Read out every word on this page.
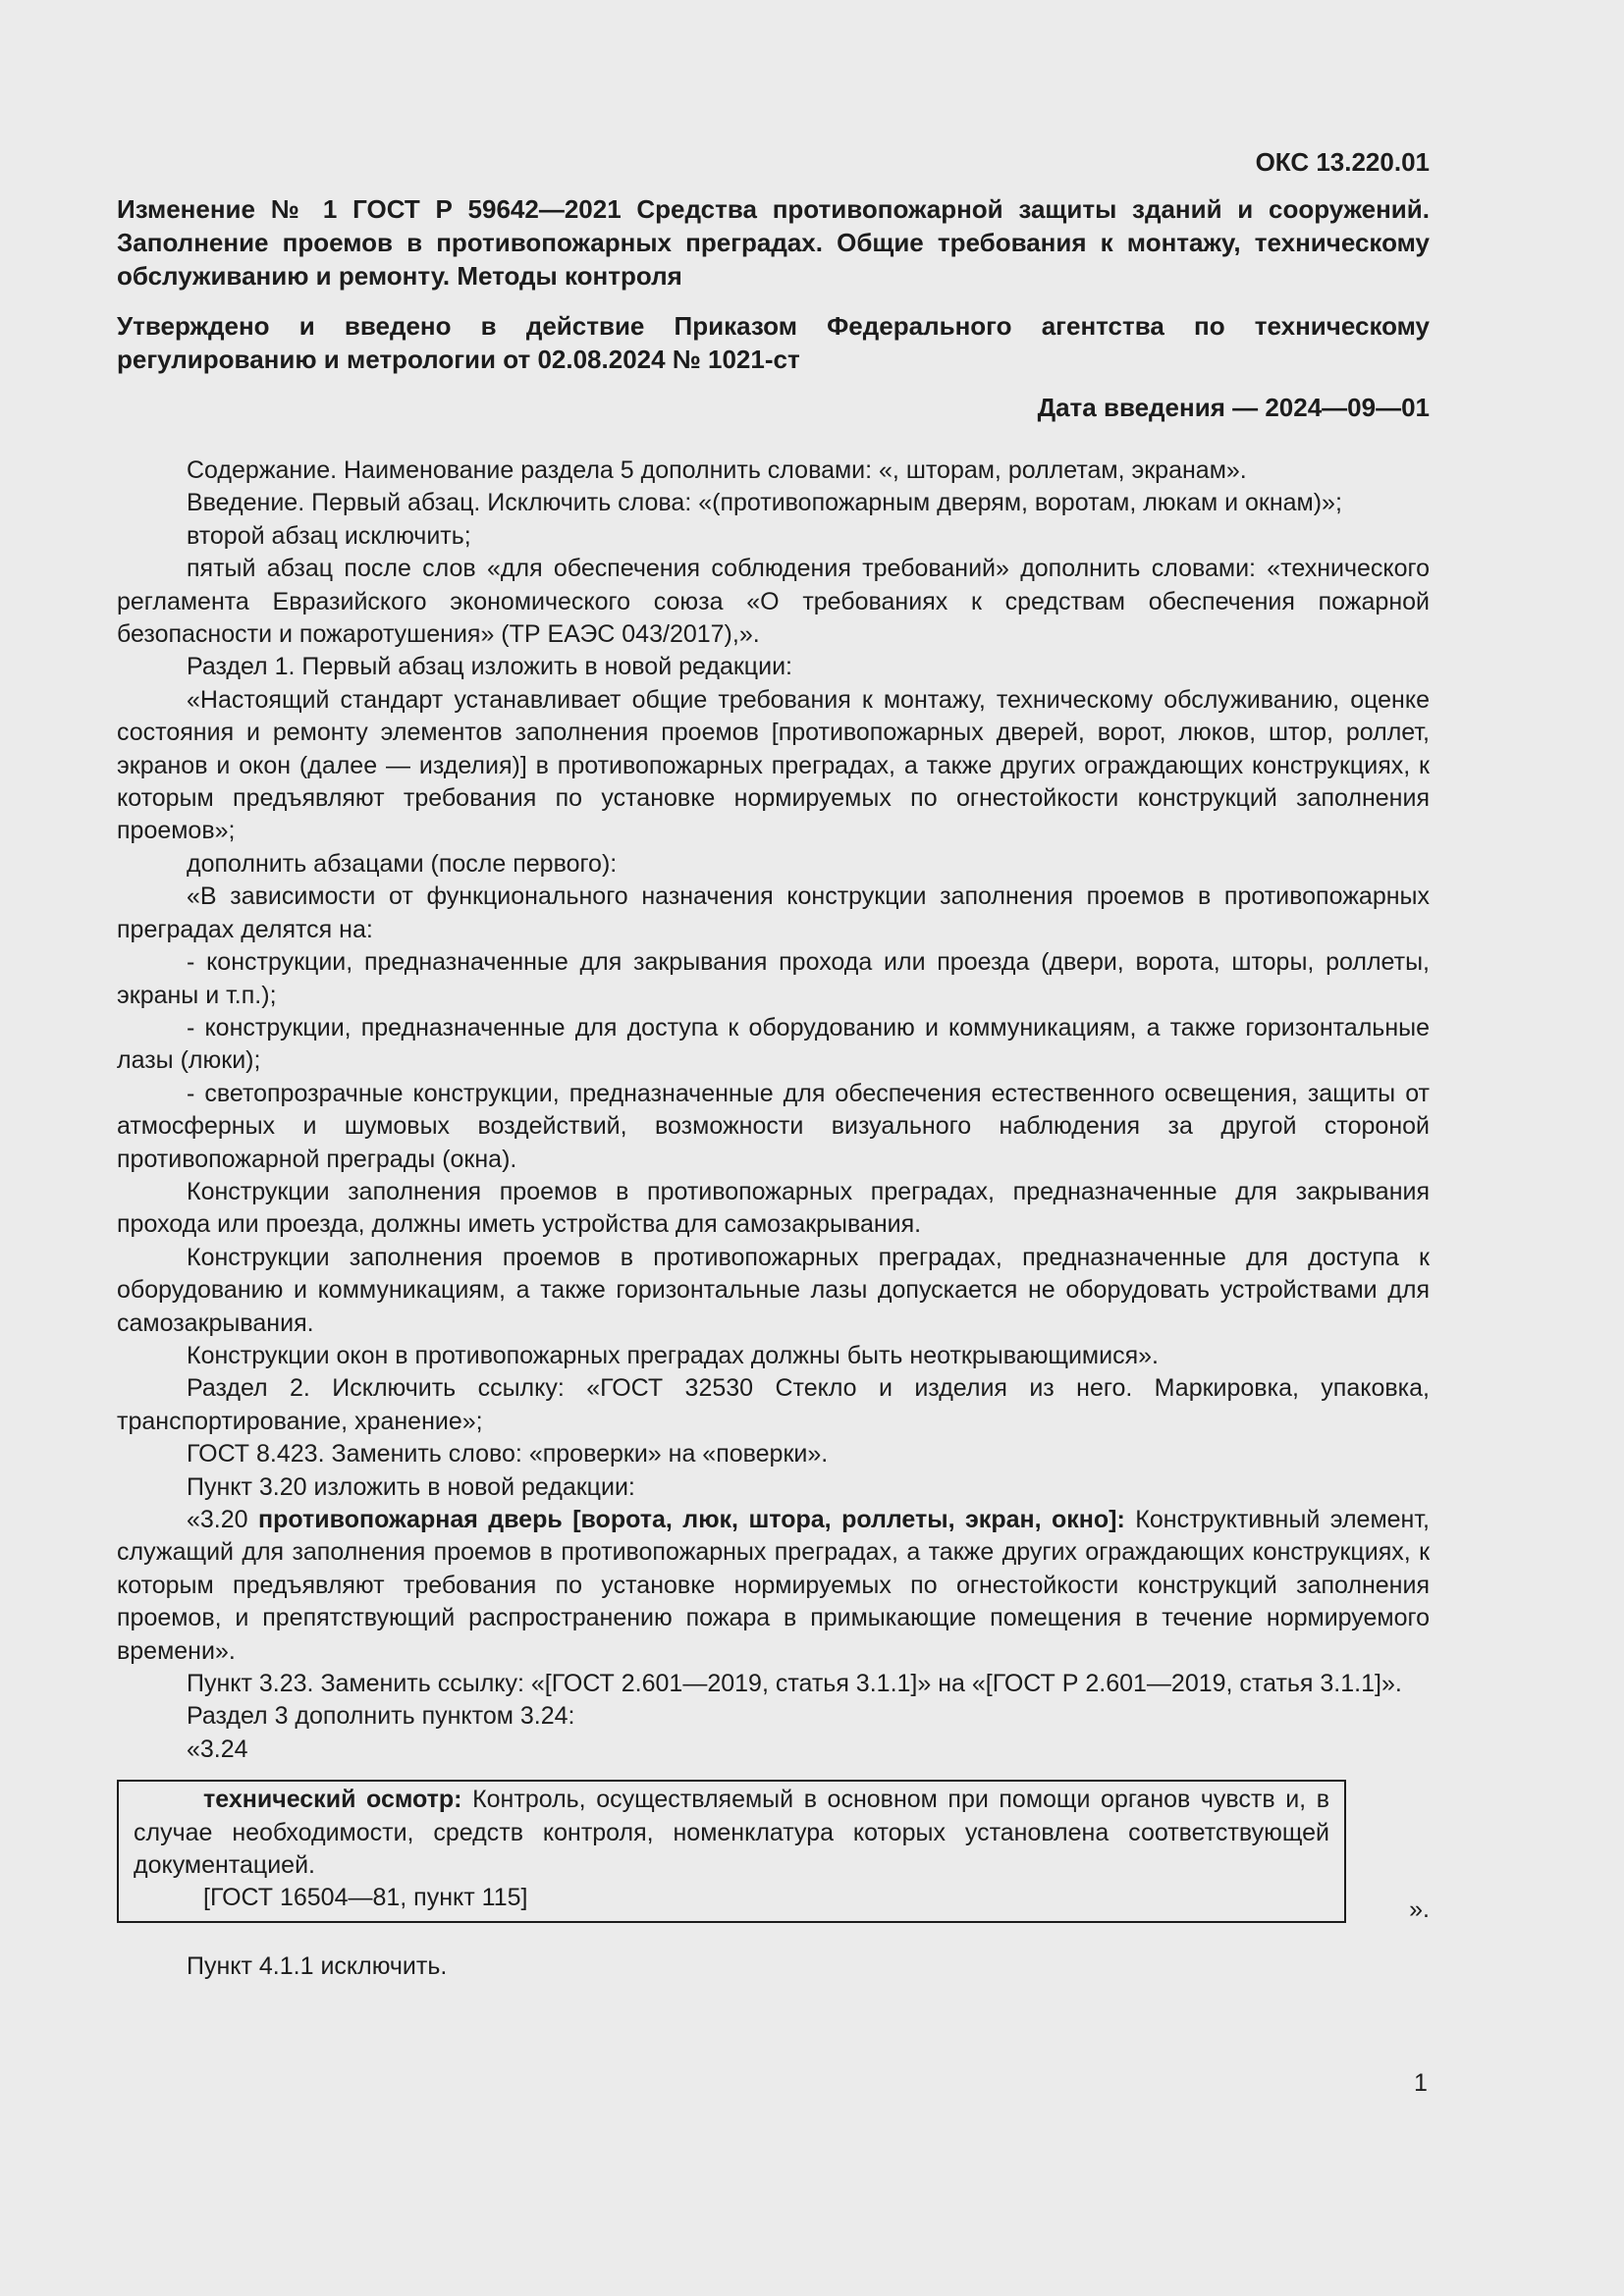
ОКС 13.220.01

Изменение № 1 ГОСТ Р 59642—2021 Средства противопожарной защиты зданий и сооружений. Заполнение проемов в противопожарных преградах. Общие требования к монтажу, техническому обслуживанию и ремонту. Методы контроля

Утверждено и введено в действие Приказом Федерального агентства по техническому регулированию и метрологии от 02.08.2024 № 1021-ст

Дата введения — 2024—09—01

Содержание. Наименование раздела 5 дополнить словами: «, шторам, роллетам, экранам».

Введение. Первый абзац. Исключить слова: «(противопожарным дверям, воротам, люкам и окнам)»;

второй абзац исключить;

пятый абзац после слов «для обеспечения соблюдения требований» дополнить словами: «технического регламента Евразийского экономического союза «О требованиях к средствам обеспечения пожарной безопасности и пожаротушения» (ТР ЕАЭС 043/2017),».

Раздел 1. Первый абзац изложить в новой редакции:

«Настоящий стандарт устанавливает общие требования к монтажу, техническому обслуживанию, оценке состояния и ремонту элементов заполнения проемов [противопожарных дверей, ворот, люков, штор, роллет, экранов и окон (далее — изделия)] в противопожарных преградах, а также других ограждающих конструкциях, к которым предъявляют требования по установке нормируемых по огнестойкости конструкций заполнения проемов»;

дополнить абзацами (после первого):

«В зависимости от функционального назначения конструкции заполнения проемов в противопожарных преградах делятся на:

- конструкции, предназначенные для закрывания прохода или проезда (двери, ворота, шторы, роллеты, экраны и т.п.);

- конструкции, предназначенные для доступа к оборудованию и коммуникациям, а также горизонтальные лазы (люки);

- светопрозрачные конструкции, предназначенные для обеспечения естественного освещения, защиты от атмосферных и шумовых воздействий, возможности визуального наблюдения за другой стороной противопожарной преграды (окна).

Конструкции заполнения проемов в противопожарных преградах, предназначенные для закрывания прохода или проезда, должны иметь устройства для самозакрывания.

Конструкции заполнения проемов в противопожарных преградах, предназначенные для доступа к оборудованию и коммуникациям, а также горизонтальные лазы допускается не оборудовать устройствами для самозакрывания.

Конструкции окон в противопожарных преградах должны быть неоткрывающимися».

Раздел 2. Исключить ссылку: «ГОСТ 32530 Стекло и изделия из него. Маркировка, упаковка, транспортирование, хранение»;

ГОСТ 8.423. Заменить слово: «проверки» на «поверки».

Пункт 3.20 изложить в новой редакции:

«3.20 противопожарная дверь [ворота, люк, штора, роллеты, экран, окно]: Конструктивный элемент, служащий для заполнения проемов в противопожарных преградах, а также других ограждающих конструкциях, к которым предъявляют требования по установке нормируемых по огнестойкости конструкций заполнения проемов, и препятствующий распространению пожара в примыкающие помещения в течение нормируемого времени».

Пункт 3.23. Заменить ссылку: «[ГОСТ 2.601—2019, статья 3.1.1]» на «[ГОСТ Р 2.601—2019, статья 3.1.1]».

Раздел 3 дополнить пунктом 3.24:

«3.24

технический осмотр: Контроль, осуществляемый в основном при помощи органов чувств и, в случае необходимости, средств контроля, номенклатура которых установлена соответствующей документацией.

[ГОСТ 16504—81, пункт 115]	».

Пункт 4.1.1 исключить.

1
